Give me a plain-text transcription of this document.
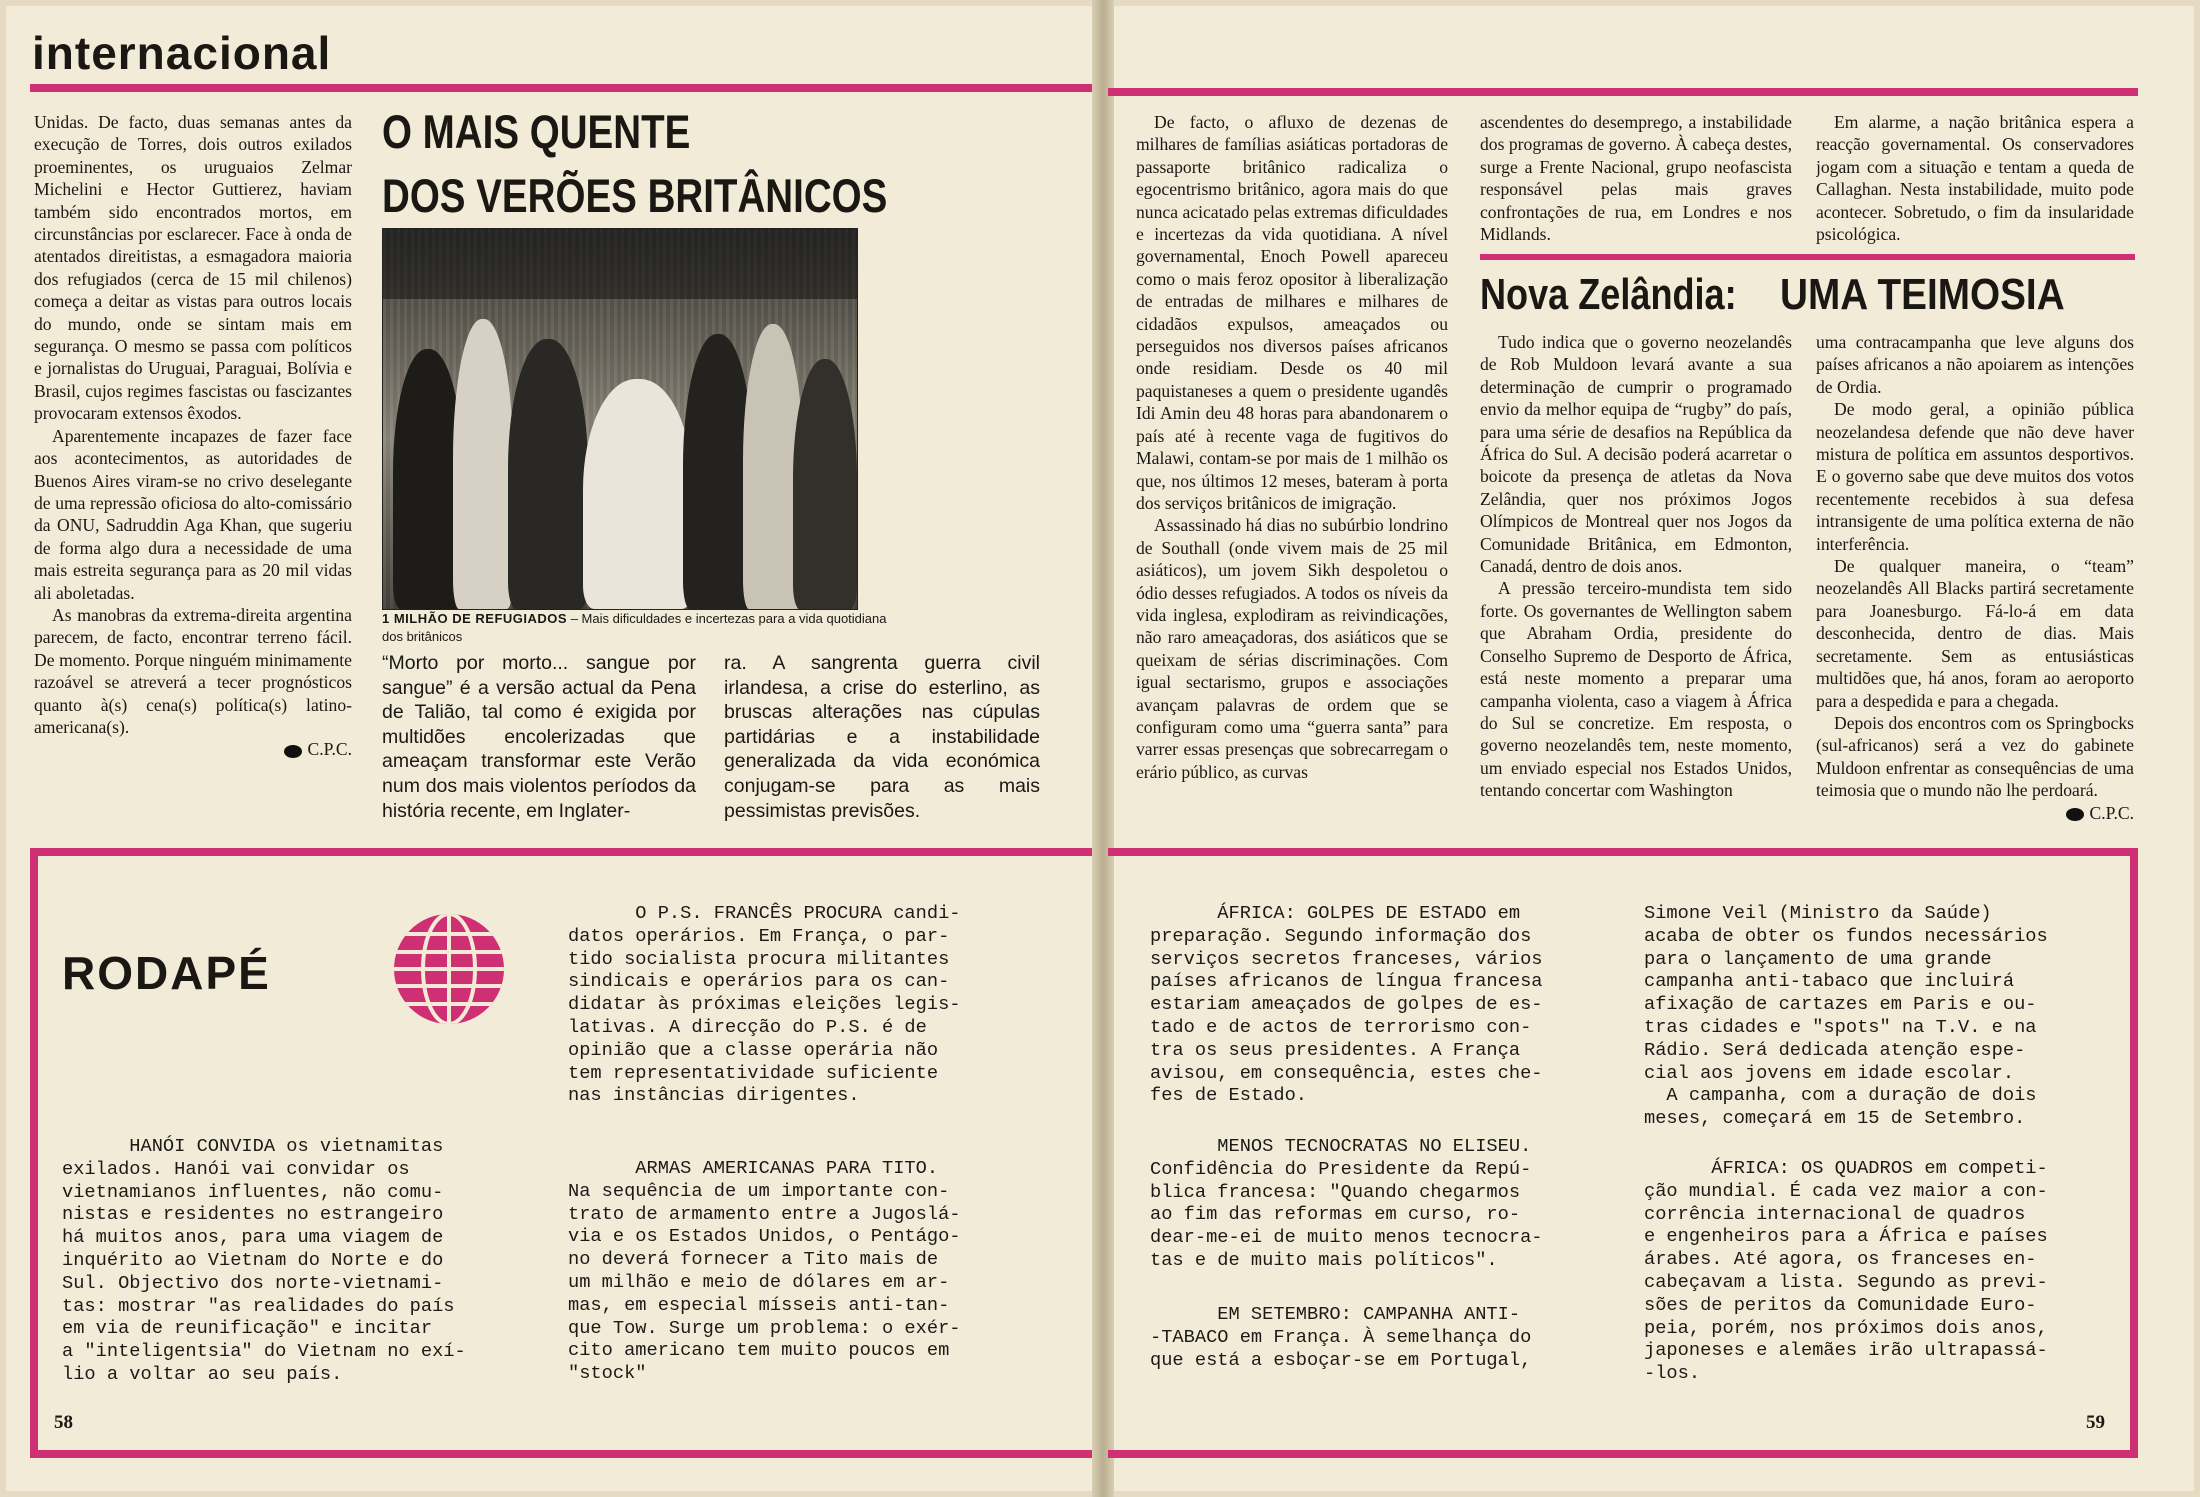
internacional

Unidas. De facto, duas semanas antes da execução de Torres, dois outros exilados proeminentes, os uruguaios Zelmar Michelini e Hector Guttierez, haviam também sido encontrados mortos, em circunstâncias por esclarecer. Face à onda de atentados direitistas, a esmagadora maioria dos refugiados (cerca de 15 mil chilenos) começa a deitar as vistas para outros locais do mundo, onde se sintam mais em segurança. O mesmo se passa com políticos e jornalistas do Uruguai, Paraguai, Bolívia e Brasil, cujos regimes fascistas ou fascizantes provocaram extensos êxodos.

Aparentemente incapazes de fazer face aos acontecimentos, as autoridades de Buenos Aires viram-se no crivo deselegante de uma repressão oficiosa do alto-comissário da ONU, Sadruddin Aga Khan, que sugeriu de forma algo dura a necessidade de uma mais estreita segurança para as 20 mil vidas ali aboletadas.

As manobras da extrema-direita argentina parecem, de facto, encontrar terreno fácil. De momento. Porque ninguém minimamente razoável se atreverá a tecer prognósticos quanto à(s) cena(s) política(s) latino-americana(s).

C.P.C.

O MAIS QUENTE
DOS VERÕES BRITÂNICOS

1 MILHÃO DE REFUGIADOS – Mais dificuldades e incertezas para a vida quotidiana dos britânicos

“Morto por morto... sangue por sangue” é a versão actual da Pena de Talião, tal como é exigida por multidões encolerizadas que ameaçam transformar este Verão num dos mais violentos períodos da história recente, em Inglater-

ra. A sangrenta guerra civil irlandesa, a crise do esterlino, as bruscas alterações nas cúpulas partidárias e a instabilidade generalizada da vida económica conjugam-se para as mais pessimistas previsões.

De facto, o afluxo de dezenas de milhares de famílias asiáticas portadoras de passaporte britânico radicaliza o egocentrismo britânico, agora mais do que nunca acicatado pelas extremas dificuldades e incertezas da vida quotidiana. A nível governamental, Enoch Powell apareceu como o mais feroz opositor à liberalização de entradas de milhares e milhares de cidadãos expulsos, ameaçados ou perseguidos nos diversos países africanos onde residiam. Desde os 40 mil paquistaneses a quem o presidente ugandês Idi Amin deu 48 horas para abandonarem o país até à recente vaga de fugitivos do Malawi, contam-se por mais de 1 milhão os que, nos últimos 12 meses, bateram à porta dos serviços britânicos de imigração.

Assassinado há dias no subúrbio londrino de Southall (onde vivem mais de 25 mil asiáticos), um jovem Sikh despoletou o ódio desses refugiados. A todos os níveis da vida inglesa, explodiram as reivindicações, não raro ameaçadoras, dos asiáticos que se queixam de sérias discriminações. Com igual sectarismo, grupos e associações avançam palavras de ordem que se configuram como uma “guerra santa” para varrer essas presenças que sobrecarregam o erário público, as curvas

ascendentes do desemprego, a instabilidade dos programas de governo. À cabeça destes, surge a Frente Nacional, grupo neofascista responsável pelas mais graves confrontações de rua, em Londres e nos Midlands.

Em alarme, a nação britânica espera a reacção governamental. Os conservadores jogam com a situação e tentam a queda de Callaghan. Nesta instabilidade, muito pode acontecer. Sobretudo, o fim da insularidade psicológica.

Nova Zelândia: UMA TEIMOSIA

Tudo indica que o governo neozelandês de Rob Muldoon levará avante a sua determinação de cumprir o programado envio da melhor equipa de “rugby” do país, para uma série de desafios na República da África do Sul. A decisão poderá acarretar o boicote da presença de atletas da Nova Zelândia, quer nos próximos Jogos Olímpicos de Montreal quer nos Jogos da Comunidade Britânica, em Edmonton, Canadá, dentro de dois anos.

A pressão terceiro-mundista tem sido forte. Os governantes de Wellington sabem que Abraham Ordia, presidente do Conselho Supremo de Desporto de África, está neste momento a preparar uma campanha violenta, caso a viagem à África do Sul se concretize. Em resposta, o governo neozelandês tem, neste momento, um enviado especial nos Estados Unidos, tentando concertar com Washington

uma contracampanha que leve alguns dos países africanos a não apoiarem as intenções de Ordia.

De modo geral, a opinião pública neozelandesa defende que não deve haver mistura de política em assuntos desportivos. E o governo sabe que deve muitos dos votos recentemente recebidos à sua defesa intransigente de uma política externa de não interferência.

De qualquer maneira, o “team” neozelandês All Blacks partirá secretamente para Joanesburgo. Fá-lo-á em data desconhecida, dentro de dias. Mais secretamente. Sem as entusiásticas multidões que, há anos, foram ao aeroporto para a despedida e para a chegada.

Depois dos encontros com os Springbocks (sul-africanos) será a vez do gabinete Muldoon enfrentar as consequências de uma teimosia que o mundo não lhe perdoará.

C.P.C.

RODAPÉ
O P.S. FRANCÊS PROCURA candi-
datos operários. Em França, o par-
tido socialista procura militantes
sindicais e operários para os can-
didatar às próximas eleições legis-
lativas. A direcção do P.S. é de
opinião que a classe operária não
tem representatividade suficiente
nas instâncias dirigentes.
HANÓI CONVIDA os vietnamitas
exilados. Hanói vai convidar os
vietnamianos influentes, não comu-
nistas e residentes no estrangeiro
há muitos anos, para uma viagem de
inquérito ao Vietnam do Norte e do
Sul. Objectivo dos norte-vietnami-
tas: mostrar "as realidades do país
em via de reunificação" e incitar
a "inteligentsia" do Vietnam no exí-
lio a voltar ao seu país.
ARMAS AMERICANAS PARA TITO.
Na sequência de um importante con-
trato de armamento entre a Jugoslá-
via e os Estados Unidos, o Pentágo-
no deverá fornecer a Tito mais de
um milhão e meio de dólares em ar-
mas, em especial mísseis anti-tan-
que Tow. Surge um problema: o exér-
cito americano tem muito poucos em
"stock"
ÁFRICA: GOLPES DE ESTADO em
preparação. Segundo informação dos
serviços secretos franceses, vários
países africanos de língua francesa
estariam ameaçados de golpes de es-
tado e de actos de terrorismo con-
tra os seus presidentes. A França
avisou, em consequência, estes che-
fes de Estado.
MENOS TECNOCRATAS NO ELISEU.
Confidência do Presidente da Repú-
blica francesa: "Quando chegarmos
ao fim das reformas em curso, ro-
dear-me-ei de muito menos tecnocra-
tas e de muito mais políticos".
EM SETEMBRO: CAMPANHA ANTI-
-TABACO em França. À semelhança do
que está a esboçar-se em Portugal,
Simone Veil (Ministro da Saúde)
acaba de obter os fundos necessários
para o lançamento de uma grande
campanha anti-tabaco que incluirá
afixação de cartazes em Paris e ou-
tras cidades e "spots" na T.V. e na
Rádio. Será dedicada atenção espe-
cial aos jovens em idade escolar.
A campanha, com a duração de dois
meses, começará em 15 de Setembro.
ÁFRICA: OS QUADROS em competi-
ção mundial. É cada vez maior a con-
corrência internacional de quadros
e engenheiros para a África e países
árabes. Até agora, os franceses en-
cabeçavam a lista. Segundo as previ-
sões de peritos da Comunidade Euro-
peia, porém, nos próximos dois anos,
japoneses e alemães irão ultrapassá-
-los.
58	59
